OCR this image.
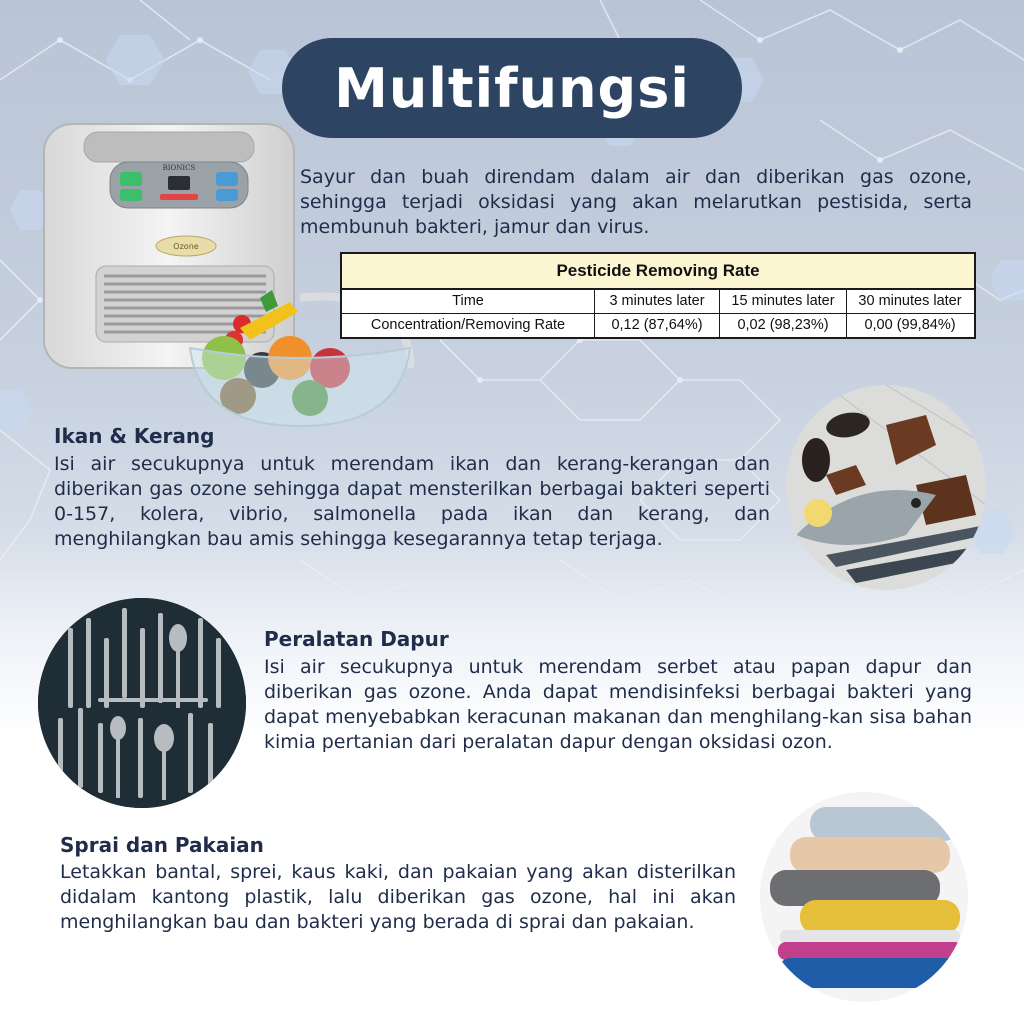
Multifungsi
BIONICS
Ozone
Sayur dan buah direndam dalam air dan diberikan gas ozone, sehingga terjadi oksidasi yang akan melarutkan pestisida, serta membunuh bakteri, jamur dan virus.
Pesticide Removing Rate
Time	3 minutes later	15 minutes later	30 minutes later
Concentration/Removing Rate	0,12 (87,64%)	0,02 (98,23%)	0,00 (99,84%)
Ikan & Kerang
Isi air secukupnya untuk merendam ikan dan kerang-kerangan dan diberikan gas ozone sehingga dapat mensterilkan berbagai bakteri seperti 0-157, kolera, vibrio, salmonella pada ikan dan kerang, dan menghilangkan bau amis sehingga kesegarannya tetap terjaga.
Peralatan Dapur
Isi air secukupnya untuk merendam serbet atau papan dapur dan diberikan gas ozone. Anda dapat mendisinfeksi berbagai bakteri yang dapat menyebabkan keracunan makanan dan menghilang-kan sisa bahan kimia pertanian dari peralatan dapur dengan oksidasi ozon.
Sprai dan Pakaian
Letakkan bantal, sprei, kaus kaki, dan pakaian yang akan disterilkan didalam kantong plastik, lalu diberikan gas ozone, hal ini akan menghilangkan bau dan bakteri yang berada di sprai dan pakaian.
